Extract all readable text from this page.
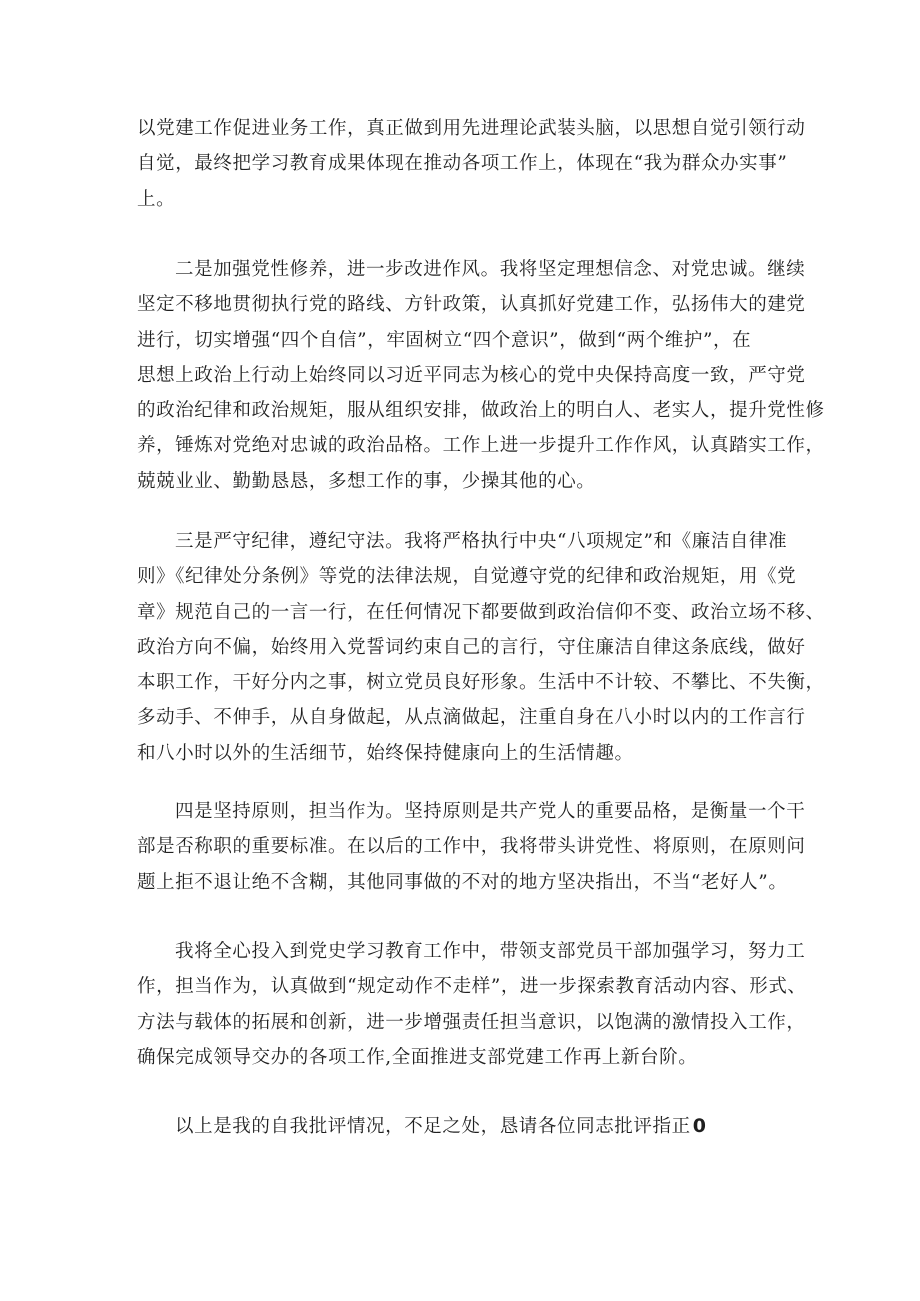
以党建工作促进业务工作，真正做到用先进理论武装头脑，以思想自觉引领行动
自觉，最终把学习教育成果体现在推动各项工作上，体现在“我为群众办实事”
上。
二是加强党性修养，进一步改进作风。我将坚定理想信念、对党忠诚。继续
坚定不移地贯彻执行党的路线、方针政策，认真抓好党建工作，弘扬伟大的建党
进行，切实增强“四个自信”，牢固树立“四个意识”，做到“两个维护”，在
思想上政治上行动上始终同以习近平同志为核心的党中央保持高度一致，严守党
的政治纪律和政治规矩，服从组织安排，做政治上的明白人、老实人，提升党性修
养，锤炼对党绝对忠诚的政治品格。工作上进一步提升工作作风，认真踏实工作，
兢兢业业、勤勤恳恳，多想工作的事，少操其他的心。
三是严守纪律，遵纪守法。我将严格执行中央“八项规定”和《廉洁自律准
则》《纪律处分条例》等党的法律法规，自觉遵守党的纪律和政治规矩，用《党
章》规范自己的一言一行，在任何情况下都要做到政治信仰不变、政治立场不移、
政治方向不偏，始终用入党誓词约束自己的言行，守住廉洁自律这条底线，做好
本职工作，干好分内之事，树立党员良好形象。生活中不计较、不攀比、不失衡，
多动手、不伸手，从自身做起，从点滴做起，注重自身在八小时以内的工作言行
和八小时以外的生活细节，始终保持健康向上的生活情趣。
四是坚持原则，担当作为。坚持原则是共产党人的重要品格，是衡量一个干
部是否称职的重要标准。在以后的工作中，我将带头讲党性、将原则，在原则问
题上拒不退让绝不含糊，其他同事做的不对的地方坚决指出，不当“老好人”。
我将全心投入到党史学习教育工作中，带领支部党员干部加强学习，努力工
作，担当作为，认真做到“规定动作不走样”，进一步探索教育活动内容、形式、
方法与载体的拓展和创新，进一步增强责任担当意识，以饱满的激情投入工作，
确保完成领导交办的各项工作,全面推进支部党建工作再上新台阶。
以上是我的自我批评情况，不足之处，恳请各位同志批评指正 0
